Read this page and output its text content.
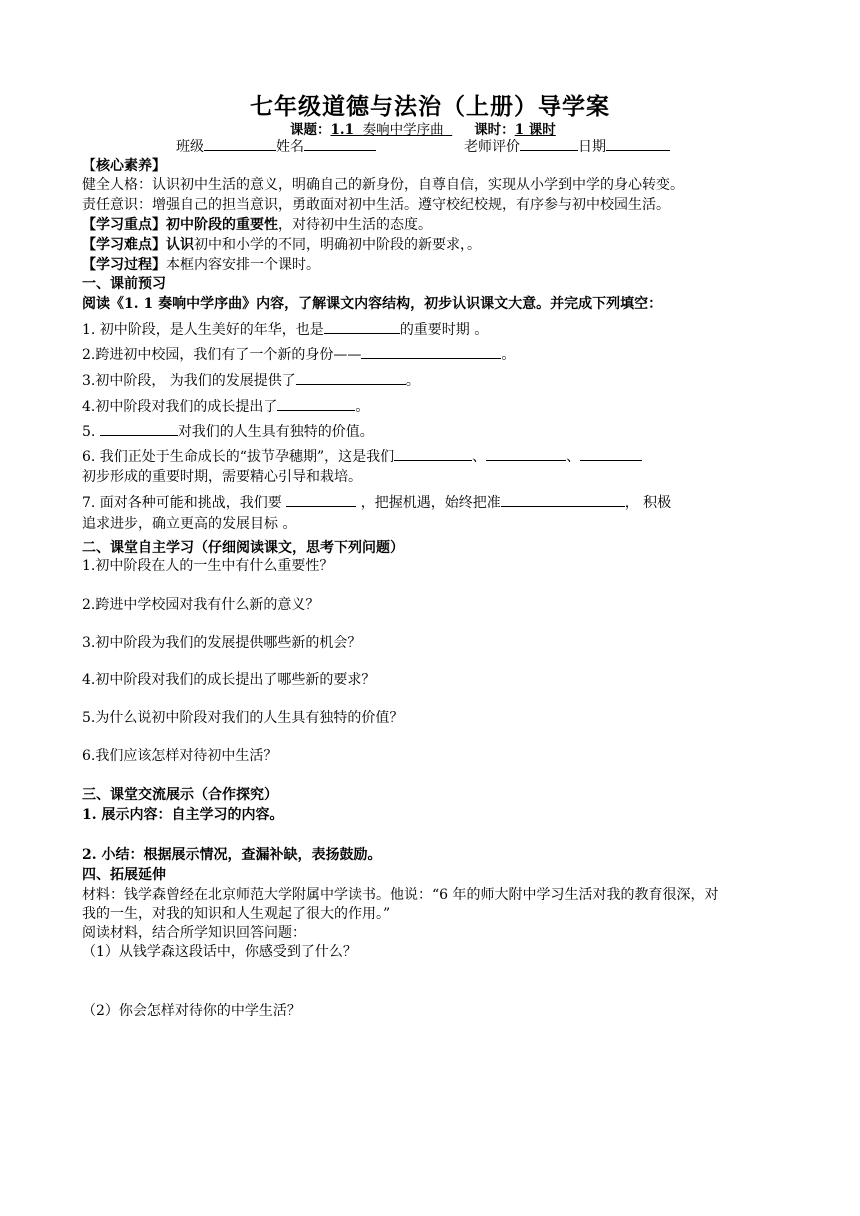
七年级道德与法治（上册）导学案
课题：1.1 奏响中学序曲 课时：1 课时
班级	姓名	老师评价	日期
【核心素养】
健全人格：认识初中生活的意义，明确自己的新身份，自尊自信，实现从小学到中学的身心转变。
责任意识：增强自己的担当意识，勇敢面对初中生活。遵守校纪校规，有序参与初中校园生活。
【学习重点】初中阶段的重要性，对待初中生活的态度。
【学习难点】认识初中和小学的不同，明确初中阶段的新要求，。
【学习过程】本框内容安排一个课时。
一、课前预习
阅读《1. 1 奏响中学序曲》内容，了解课文内容结构，初步认识课文大意。并完成下列填空：
1. 初中阶段，是人生美好的年华，也是	的重要时期 。
2.跨进初中校园，我们有了一个新的身份——	。
3.初中阶段， 为我们的发展提供了	。
4.初中阶段对我们的成长提出了	。
5.	对我们的人生具有独特的价值。
6. 我们正处于生命成长的“拔节孕穗期”，这是我们	、	、
初步形成的重要时期，需要精心引导和栽培。
7. 面对各种可能和挑战，我们要	，把握机遇，始终把准	， 积极
追求进步，确立更高的发展目标 。
二、课堂自主学习（仔细阅读课文，思考下列问题）
1.初中阶段在人的一生中有什么重要性？
2.跨进中学校园对我有什么新的意义？
3.初中阶段为我们的发展提供哪些新的机会？
4.初中阶段对我们的成长提出了哪些新的要求？
5.为什么说初中阶段对我们的人生具有独特的价值？
6.我们应该怎样对待初中生活？
三、课堂交流展示（合作探究）
1. 展示内容：自主学习的内容。
2. 小结：根据展示情况，查漏补缺，表扬鼓励。
四、拓展延伸
材料：钱学森曾经在北京师范大学附属中学读书。他说：“6 年的师大附中学习生活对我的教育很深，对
我的一生，对我的知识和人生观起了很大的作用。”
阅读材料，结合所学知识回答问题：
（1）从钱学森这段话中，你感受到了什么？
（2）你会怎样对待你的中学生活？
